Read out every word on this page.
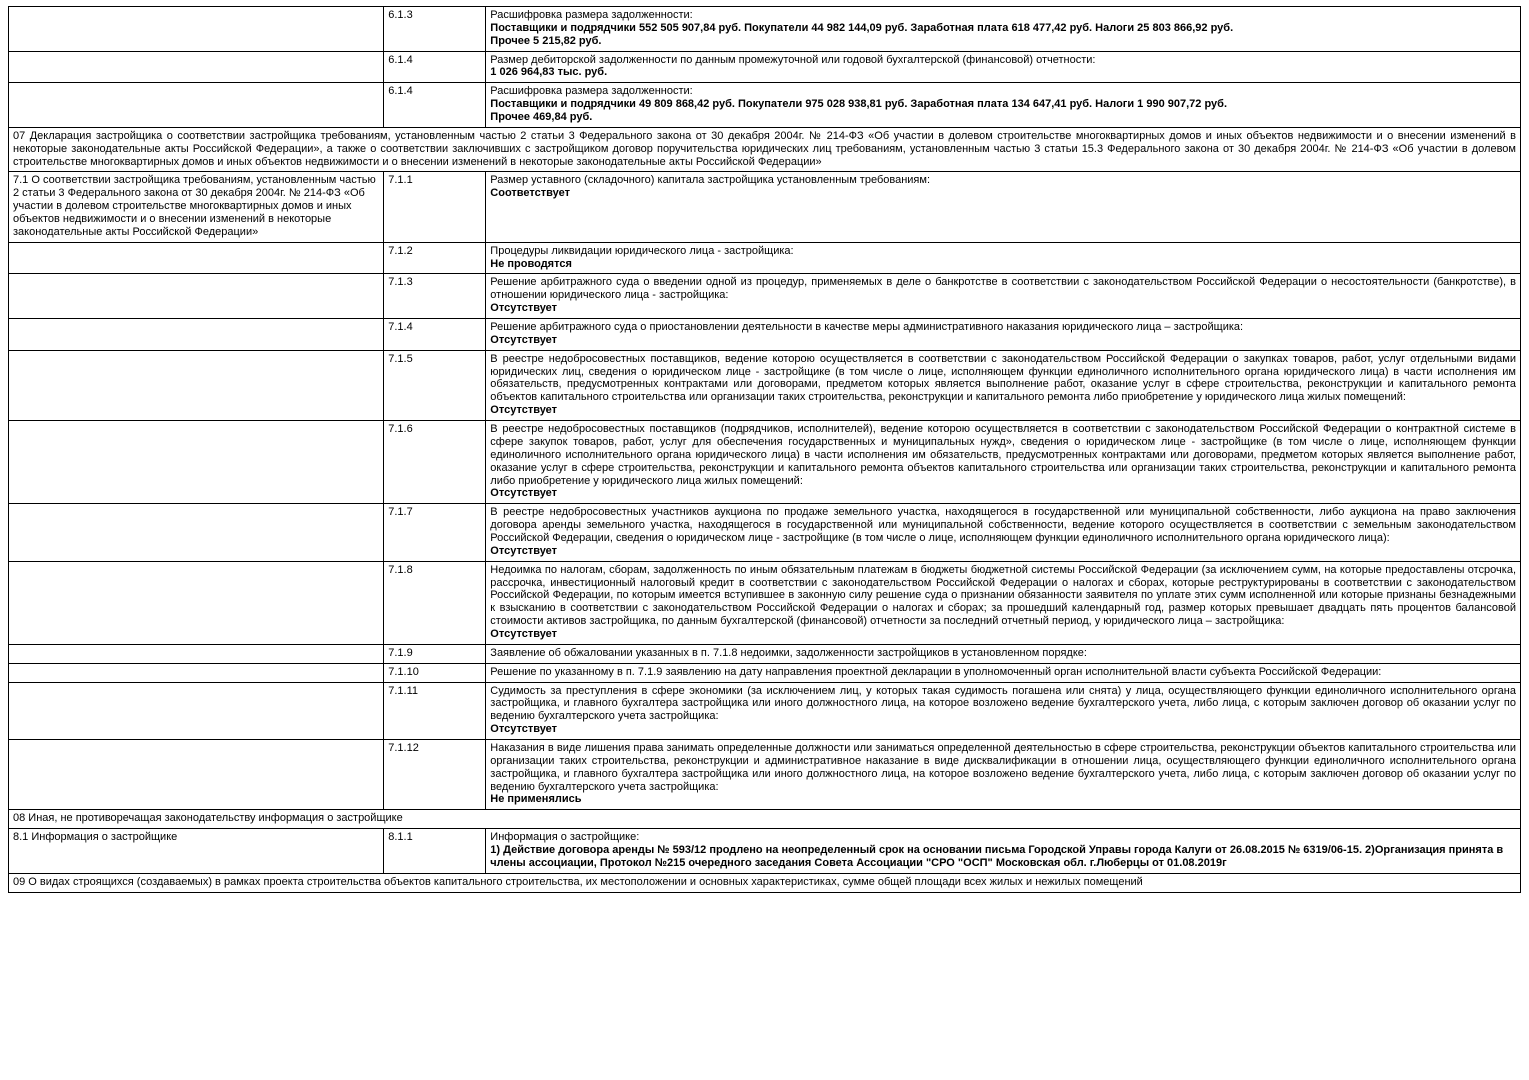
	6.1.3	Расшифровка размера задолженности:
Поставщики и подрядчики 552 505 907,84 руб. Покупатели 44 982 144,09 руб. Заработная плата 618 477,42 руб. Налоги 25 803 866,92 руб.
Прочее 5 215,82 руб.

	6.1.4	Размер дебиторской задолженности по данным промежуточной или годовой бухгалтерской (финансовой) отчетности:
1 026 964,83 тыс. руб.

	6.1.4	Расшифровка размера задолженности:
Поставщики и подрядчики 49 809 868,42 руб. Покупатели 975 028 938,81 руб. Заработная плата 134 647,41 руб. Налоги 1 990 907,72 руб.
Прочее 469,84 руб.

07 Декларация застройщика о соответствии застройщика требованиям, установленным частью 2 статьи 3 Федерального закона от 30 декабря 2004г. № 214-ФЗ «Об участии в долевом строительстве многоквартирных домов и иных объектов недвижимости и о внесении изменений в некоторые законодательные акты Российской Федерации», а также о соответствии заключивших с застройщиком договор поручительства юридических лиц требованиям, установленным частью 3 статьи 15.3 Федерального закона от 30 декабря 2004г. № 214-ФЗ «Об участии в долевом строительстве многоквартирных домов и иных объектов недвижимости и о внесении изменений в некоторые законодательные акты Российской Федерации»		
7.1 О соответствии застройщика требованиям, установленным частью 2 статьи 3 Федерального закона от 30 декабря 2004г. № 214-ФЗ «Об участии в долевом строительстве многоквартирных домов и иных объектов недвижимости и о внесении изменений в некоторые законодательные акты Российской Федерации»	7.1.1	Размер уставного (складочного) капитала застройщика установленным требованиям:
Соответствует

	7.1.2	Процедуры ликвидации юридического лица - застройщика:
Не проводятся

	7.1.3	Решение арбитражного суда о введении одной из процедур, применяемых в деле о банкротстве в соответствии с законодательством Российской Федерации о несостоятельности (банкротстве), в отношении юридического лица - застройщика:
Отсутствует

	7.1.4	Решение арбитражного суда о приостановлении деятельности в качестве меры административного наказания юридического лица – застройщика:
Отсутствует

	7.1.5	В реестре недобросовестных поставщиков, ведение которою осуществляется в соответствии с законодательством Российской Федерации о закупках товаров, работ, услуг отдельными видами юридических лиц, сведения о юридическом лице - застройщике (в том числе о лице, исполняющем функции единоличного исполнительного органа юридического лица) в части исполнения им обязательств, предусмотренных контрактами или договорами, предметом которых является выполнение работ, оказание услуг в сфере строительства, реконструкции и капитального ремонта объектов капитального строительства или организации таких строительства, реконструкции и капитального ремонта либо приобретение у юридического лица жилых помещений:
Отсутствует

	7.1.6	В реестре недобросовестных поставщиков (подрядчиков, исполнителей), ведение которою осуществляется в соответствии с законодательством Российской Федерации о контрактной системе в сфере закупок товаров, работ, услуг для обеспечения государственных и муниципальных нужд», сведения о юридическом лице - застройщике (в том числе о лице, исполняющем функции единоличного исполнительного органа юридического лица) в части исполнения им обязательств, предусмотренных контрактами или договорами, предметом которых является выполнение работ, оказание услуг в сфере строительства, реконструкции и капитального ремонта объектов капитального строительства или организации таких строительства, реконструкции и капитального ремонта либо приобретение у юридического лица жилых помещений:
Отсутствует

	7.1.7	В реестре недобросовестных участников аукциона по продаже земельного участка, находящегося в государственной или муниципальной собственности, либо аукциона на право заключения договора аренды земельного участка, находящегося в государственной или муниципальной собственности, ведение которого осуществляется в соответствии с земельным законодательством Российской Федерации, сведения о юридическом лице - застройщике (в том числе о лице, исполняющем функции единоличного исполнительного органа юридического лица):
Отсутствует

	7.1.8	Недоимка по налогам, сборам, задолженность по иным обязательным платежам в бюджеты бюджетной системы Российской Федерации (за исключением сумм, на которые предоставлены отсрочка, рассрочка, инвестиционный налоговый кредит в соответствии с законодательством Российской Федерации о налогах и сборах, которые реструктурированы в соответствии с законодательством Российской Федерации, по которым имеется вступившее в законную силу решение суда о признании обязанности заявителя по уплате этих сумм исполненной или которые признаны безнадежными к взысканию в соответствии с законодательством Российской Федерации о налогах и сборах; за прошедший календарный год, размер которых превышает двадцать пять процентов балансовой стоимости активов застройщика, по данным бухгалтерской (финансовой) отчетности за последний отчетный период, у юридического лица – застройщика:
Отсутствует

	7.1.9	Заявление об обжаловании указанных в п. 7.1.8 недоимки, задолженности застройщиков в установленном порядке:

	7.1.10	Решение по указанному в п. 7.1.9 заявлению на дату направления проектной декларации в уполномоченный орган исполнительной власти субъекта Российской Федерации:

	7.1.11	Судимость за преступления в сфере экономики (за исключением лиц, у которых такая судимость погашена или снята) у лица, осуществляющего функции единоличного исполнительного органа застройщика, и главного бухгалтера застройщика или иного должностного лица, на которое возложено ведение бухгалтерского учета, либо лица, с которым заключен договор об оказании услуг по ведению бухгалтерского учета застройщика:
Отсутствует

	7.1.12	Наказания в виде лишения права занимать определенные должности или заниматься определенной деятельностью в сфере строительства, реконструкции объектов капитального строительства или организации таких строительства, реконструкции и административное наказание в виде дисквалификации в отношении лица, осуществляющего функции единоличного исполнительного органа застройщика, и главного бухгалтера застройщика или иного должностного лица, на которое возложено ведение бухгалтерского учета, либо лица, с которым заключен договор об оказании услуг по ведению бухгалтерского учета застройщика:
Не применялись

08 Иная, не противоречащая законодательству информация о застройщике		
8.1 Информация о застройщике	8.1.1	Информация о застройщике:
1) Действие договора аренды № 593/12 продлено на неопределенный срок на основании письма Городской Управы города Калуги от 26.08.2015 № 6319/06-15. 2)Организация принята в члены ассоциации, Протокол №215 очередного заседания Совета Ассоциации "СРО "ОСП" Московская обл. г.Люберцы от 01.08.2019г

09 О видах строящихся (создаваемых) в рамках проекта строительства объектов капитального строительства, их местоположении и основных характеристиках, сумме общей площади всех жилых и нежилых помещений		
